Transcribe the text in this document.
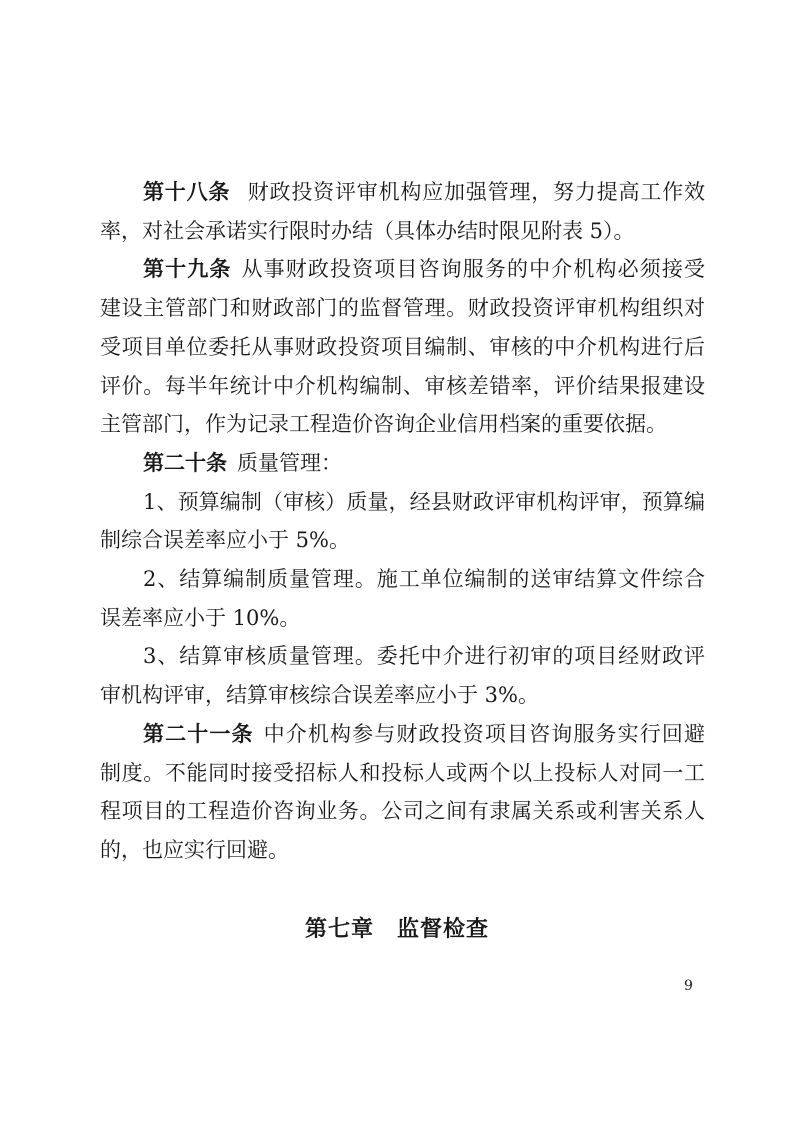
第十八条 财政投资评审机构应加强管理，努力提高工作效
率，对社会承诺实行限时办结（具体办结时限见附表 5）。
第十九条 从事财政投资项目咨询服务的中介机构必须接受
建设主管部门和财政部门的监督管理。财政投资评审机构组织对
受项目单位委托从事财政投资项目编制、审核的中介机构进行后
评价。每半年统计中介机构编制、审核差错率，评价结果报建设
主管部门，作为记录工程造价咨询企业信用档案的重要依据。
第二十条 质量管理：
1、预算编制（审核）质量，经县财政评审机构评审，预算编
制综合误差率应小于 5%。
2、结算编制质量管理。施工单位编制的送审结算文件综合
误差率应小于 10%。
3、结算审核质量管理。委托中介进行初审的项目经财政评
审机构评审，结算审核综合误差率应小于 3%。
第二十一条 中介机构参与财政投资项目咨询服务实行回避
制度。不能同时接受招标人和投标人或两个以上投标人对同一工
程项目的工程造价咨询业务。公司之间有隶属关系或利害关系人
的，也应实行回避。
第七章　监督检查
9
